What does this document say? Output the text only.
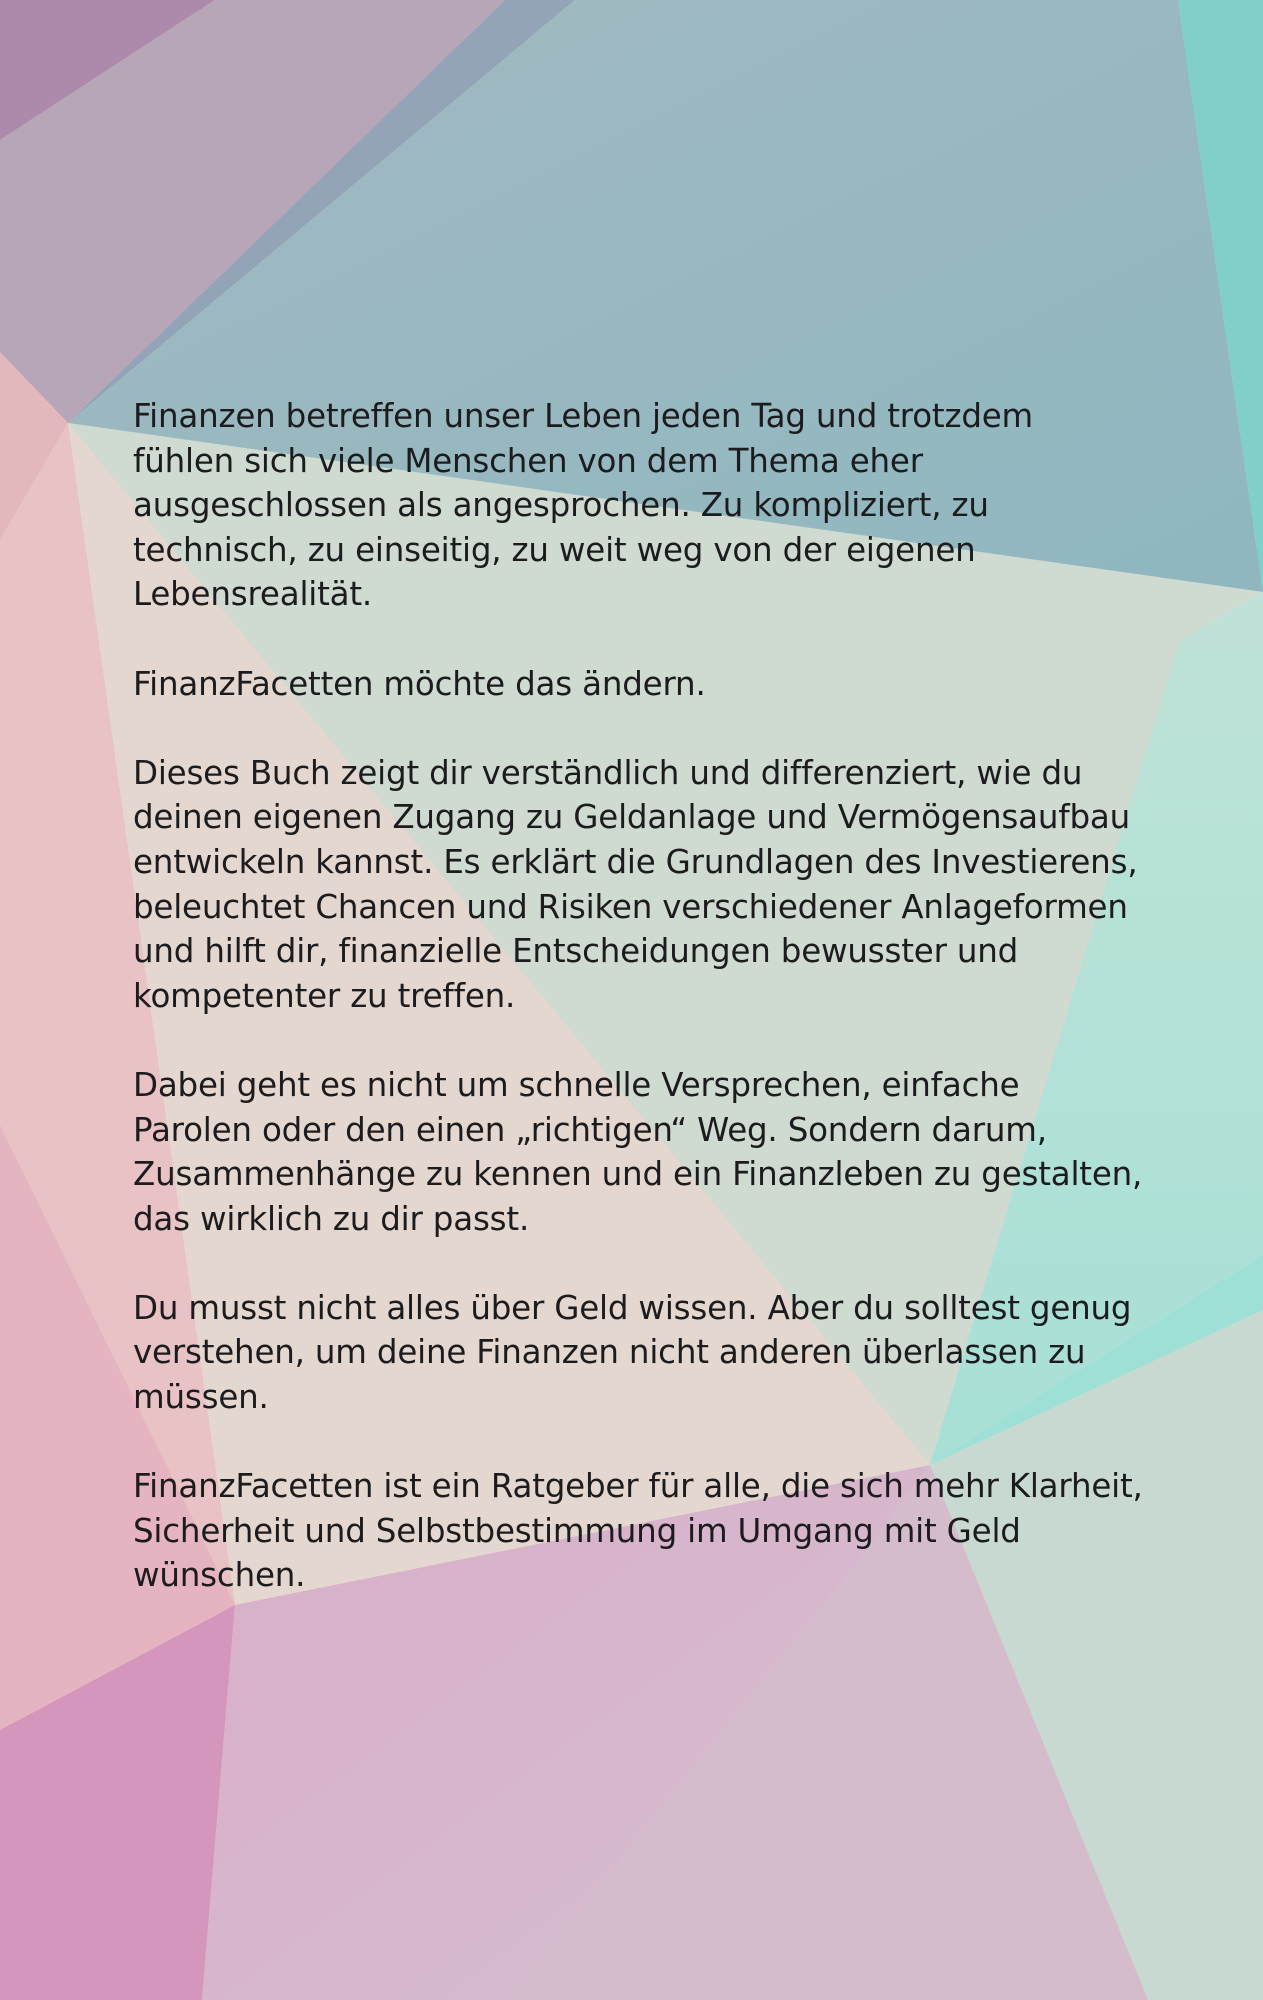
Finanzen betreffen unser Leben jeden Tag und trotzdem
fühlen sich viele Menschen von dem Thema eher
ausgeschlossen als angesprochen. Zu kompliziert, zu
technisch, zu einseitig, zu weit weg von der eigenen
Lebensrealität.

FinanzFacetten möchte das ändern.

Dieses Buch zeigt dir verständlich und differenziert, wie du
deinen eigenen Zugang zu Geldanlage und Vermögensaufbau
entwickeln kannst. Es erklärt die Grundlagen des Investierens,
beleuchtet Chancen und Risiken verschiedener Anlageformen
und hilft dir, finanzielle Entscheidungen bewusster und
kompetenter zu treffen.

Dabei geht es nicht um schnelle Versprechen, einfache
Parolen oder den einen „richtigen“ Weg. Sondern darum,
Zusammenhänge zu kennen und ein Finanzleben zu gestalten,
das wirklich zu dir passt.

Du musst nicht alles über Geld wissen. Aber du solltest genug
verstehen, um deine Finanzen nicht anderen überlassen zu
müssen.

FinanzFacetten ist ein Ratgeber für alle, die sich mehr Klarheit,
Sicherheit und Selbstbestimmung im Umgang mit Geld
wünschen.
